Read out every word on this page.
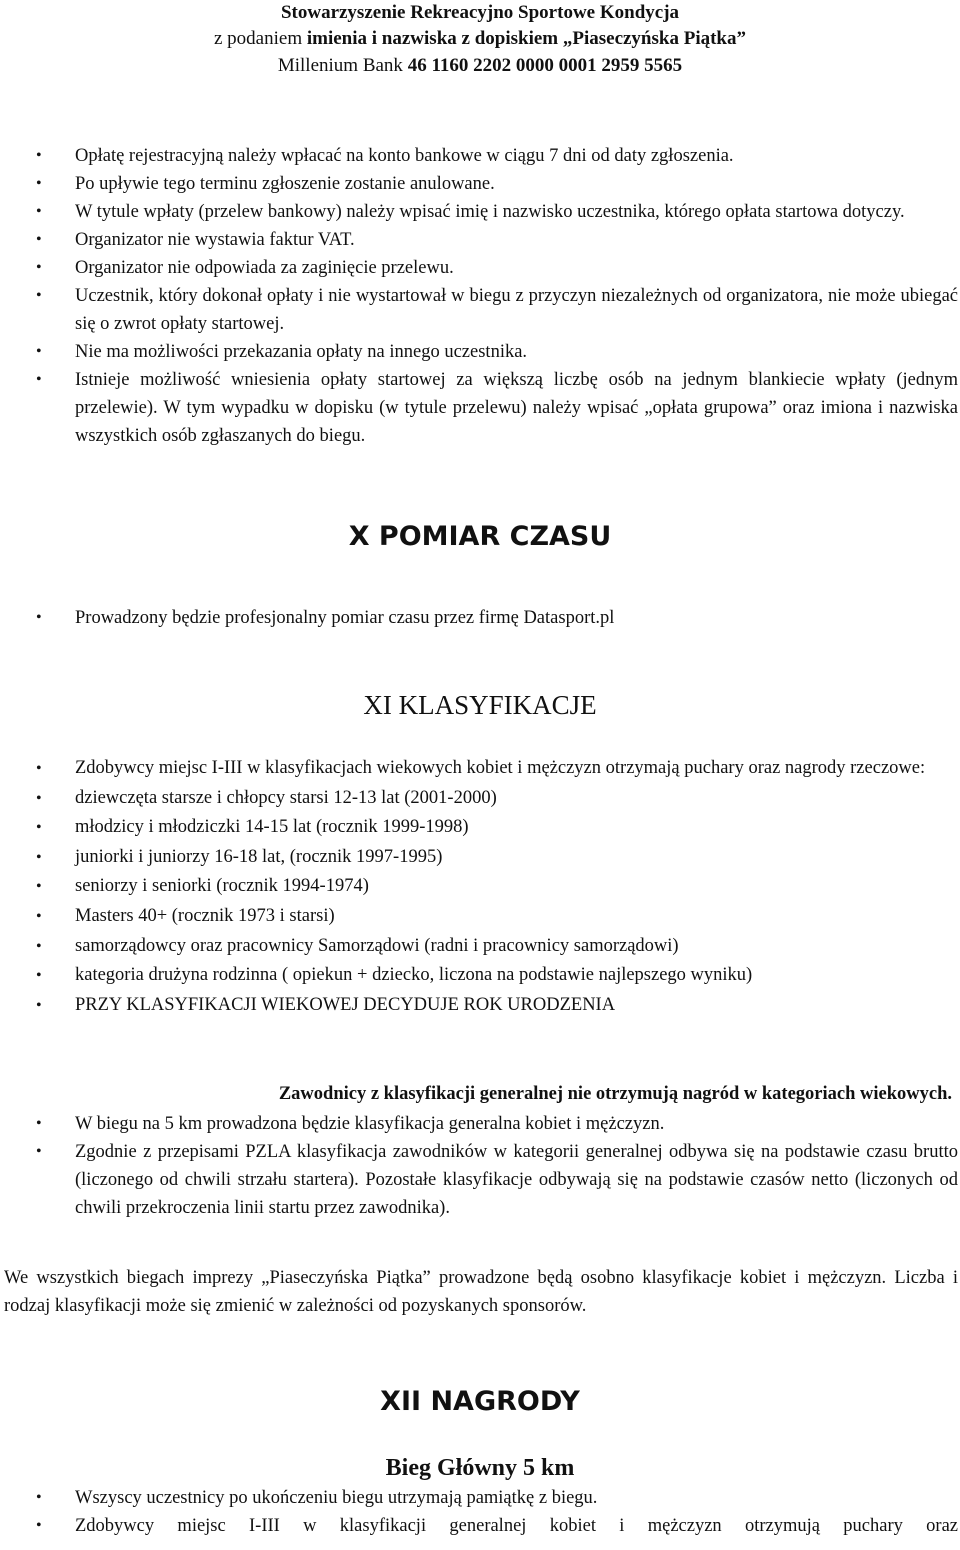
Stowarzyszenie Rekreacyjno Sportowe Kondycja
z podaniem imienia i nazwiska z dopiskiem „Piaseczyńska Piątka”
Millenium Bank 46 1160 2202 0000 0001 2959 5565
• Opłatę rejestracyjną należy wpłacać na konto bankowe w ciągu 7 dni od daty zgłoszenia.
• Po upływie tego terminu zgłoszenie zostanie anulowane.
• W tytule wpłaty (przelew bankowy) należy wpisać imię i nazwisko uczestnika, którego opłata startowa dotyczy.
• Organizator nie wystawia faktur VAT.
• Organizator nie odpowiada za zaginięcie przelewu.
• Uczestnik, który dokonał opłaty i nie wystartował w biegu z przyczyn niezależnych od organizatora, nie może ubiegać się o zwrot opłaty startowej.
• Nie ma możliwości przekazania opłaty na innego uczestnika.
• Istnieje możliwość wniesienia opłaty startowej za większą liczbę osób na jednym blankiecie wpłaty (jednym przelewie). W tym wypadku w dopisku (w tytule przelewu) należy wpisać „opłata grupowa” oraz imiona i nazwiska wszystkich osób zgłaszanych do biegu.
X POMIAR CZASU
• Prowadzony będzie profesjonalny pomiar czasu przez firmę Datasport.pl
XI KLASYFIKACJE
• Zdobywcy miejsc I-III w klasyfikacjach wiekowych kobiet i mężczyzn otrzymają puchary oraz nagrody rzeczowe:
• dziewczęta starsze i chłopcy starsi 12-13 lat (2001-2000)
• młodzicy i młodziczki 14-15 lat (rocznik 1999-1998)
• juniorki i juniorzy 16-18 lat, (rocznik 1997-1995)
• seniorzy i seniorki (rocznik 1994-1974)
• Masters 40+ (rocznik 1973 i starsi)
• samorządowcy oraz pracownicy Samorządowi (radni i pracownicy samorządowi)
• kategoria drużyna rodzinna ( opiekun + dziecko, liczona na podstawie najlepszego wyniku)
• PRZY KLASYFIKACJI WIEKOWEJ DECYDUJE ROK URODZENIA
Zawodnicy z klasyfikacji generalnej nie otrzymują nagród w kategoriach wiekowych.
• W biegu na 5 km prowadzona będzie klasyfikacja generalna kobiet i mężczyzn.
• Zgodnie z przepisami PZLA klasyfikacja zawodników w kategorii generalnej odbywa się na podstawie czasu brutto (liczonego od chwili strzału startera). Pozostałe klasyfikacje odbywają się na podstawie czasów netto (liczonych od chwili przekroczenia linii startu przez zawodnika).
We wszystkich biegach imprezy „Piaseczyńska Piątka” prowadzone będą osobno klasyfikacje kobiet i mężczyzn. Liczba i rodzaj klasyfikacji może się zmienić w zależności od pozyskanych sponsorów.
XII NAGRODY
Bieg Główny 5 km
• Wszyscy uczestnicy po ukończeniu biegu utrzymają pamiątkę z biegu.
• Zdobywcy miejsc I-III w klasyfikacji generalnej kobiet i mężczyzn otrzymują puchary oraz
